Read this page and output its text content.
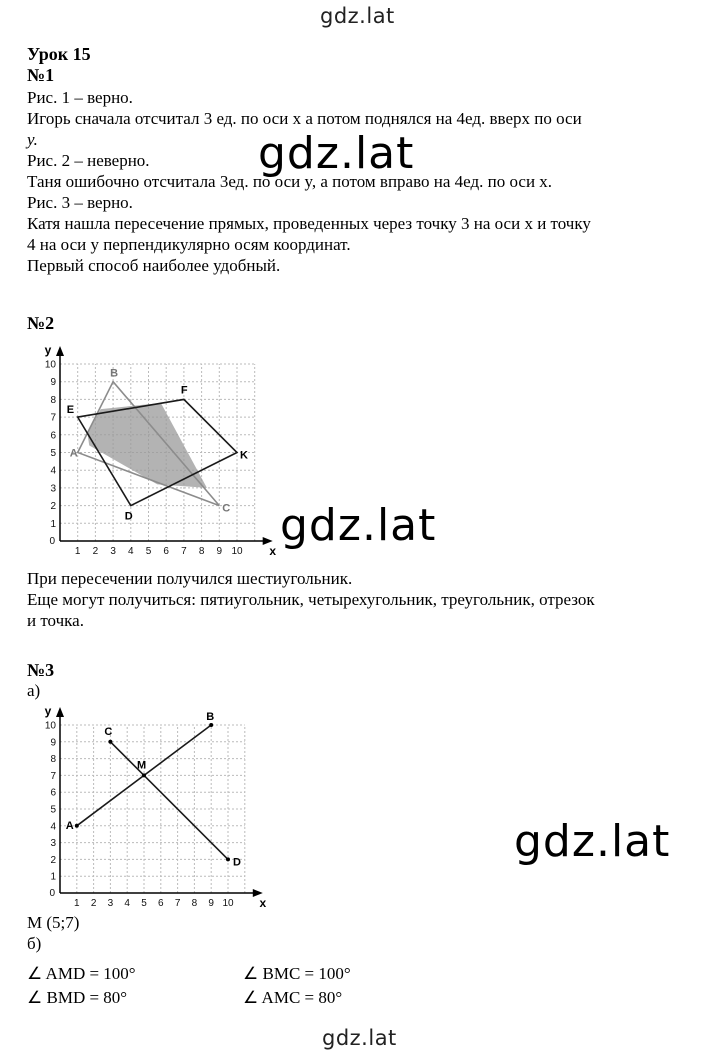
gdz.lat
gdz.lat
gdz.lat
gdz.lat
gdz.lat
Урок 15
№1
Рис. 1 – верно.
Игорь сначала отсчитал 3 ед. по оси x а потом поднялся на 4ед. вверх по оси
y.
Рис. 2 – неверно.
Таня ошибочно отсчитала 3ед. по оси y, а потом вправо на 4ед. по оси x.
Рис. 3 – верно.
Катя нашла пересечение прямых, проведенных через точку 3 на оси x и точку
4 на оси y перпендикулярно осям координат.
Первый способ наиболее удобный.
№2
1 2 3 4 5 6 7 8 9 10
1
2
3
4
5
6
7
8
9
10
0
x
y
A
B
C
E
F
K
D
При пересечении получился шестиугольник.
Еще могут получиться: пятиугольник, четырехугольник, треугольник, отрезок
и точка.
№3
а)
1 2 3 4 5 6 7 8 9 10
1
2
3
4
5
6
7
8
9
10
0
x
y
A
B
C
D
M
M (5;7)
б)
∠ AMD = 100°	∠ BMC = 100°
∠ BMD = 80°	∠ AMC = 80°
